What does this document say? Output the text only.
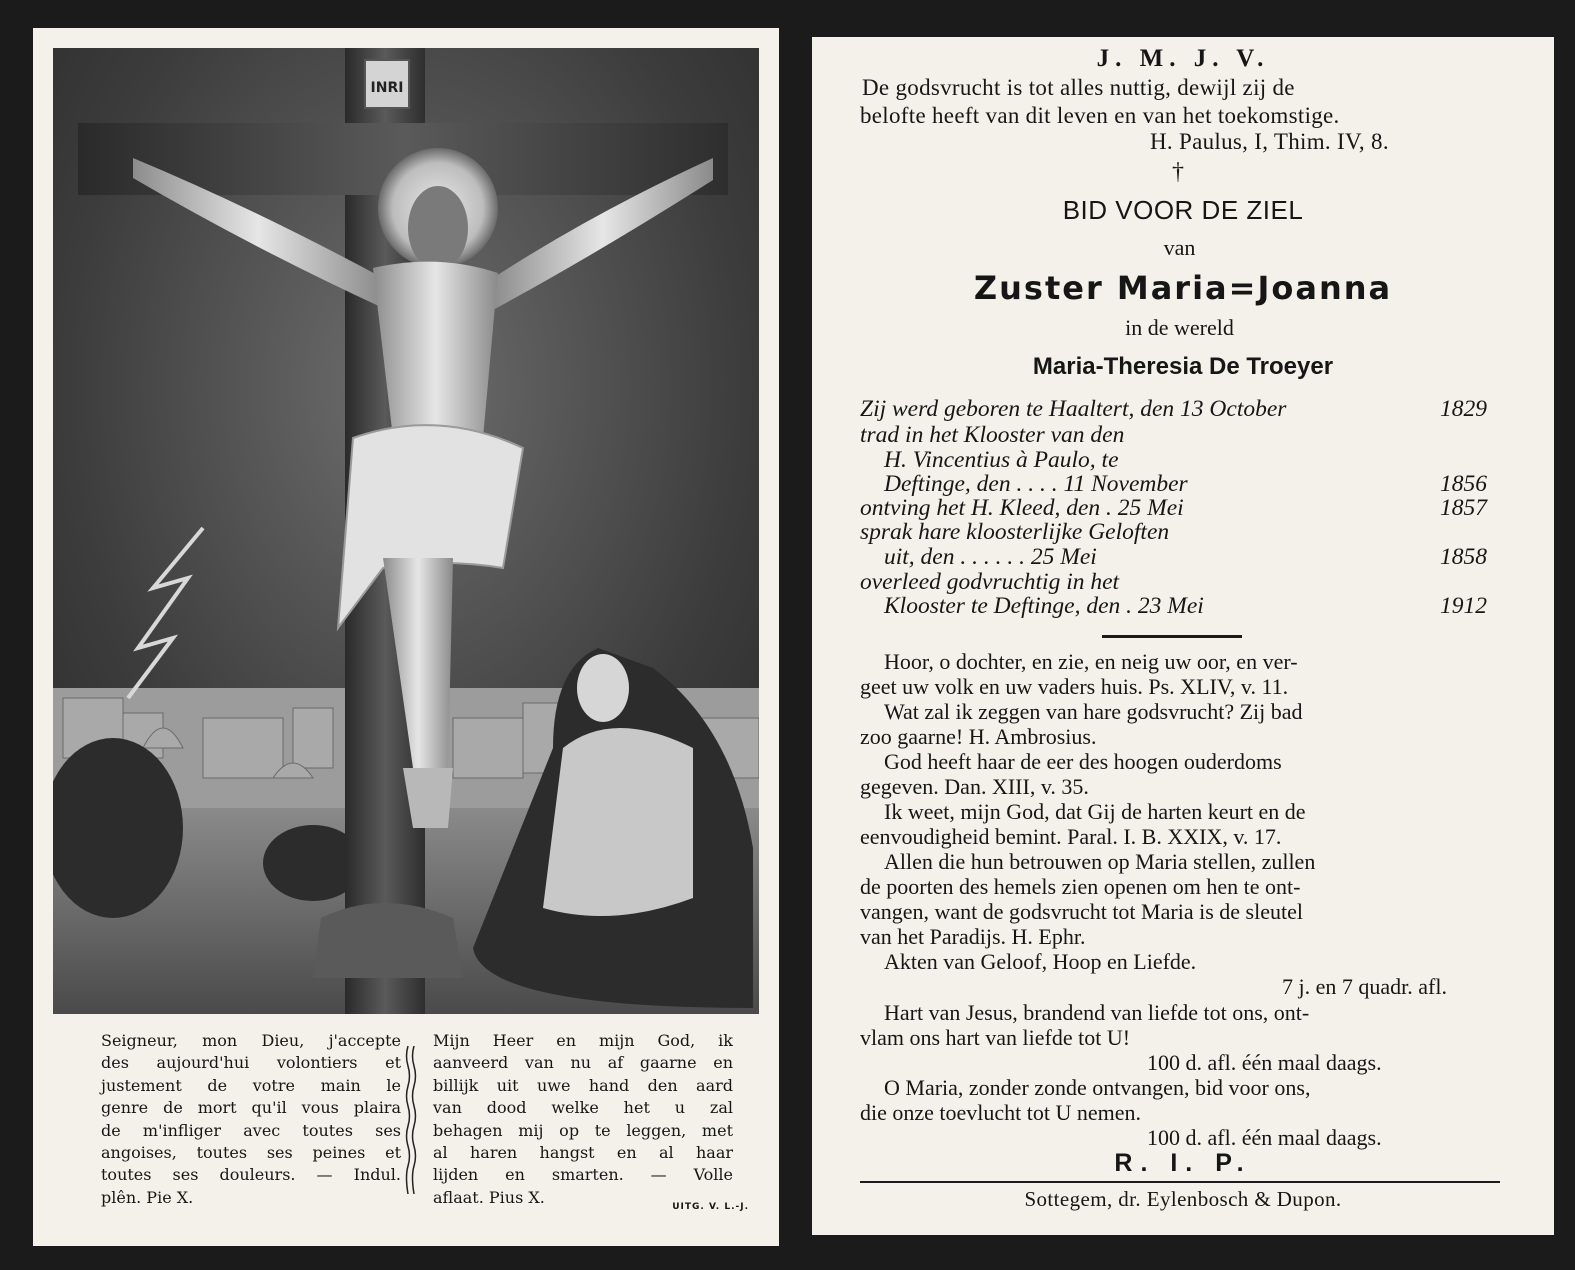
INRI
Seigneur, mon Dieu, j'accepte
des aujourd'hui volontiers et
justement de votre main le
genre de mort qu'il vous plaira
de m'infliger avec toutes ses
angoises, toutes ses peines et
toutes ses douleurs. — Indul.
plên. Pie X.
Mijn Heer en mijn God, ik
aanveerd van nu af gaarne en
billijk uit uwe hand den aard
van dood welke het u zal
behagen mij op te leggen, met
al haren hangst en al haar
lijden en smarten. — Volle
aflaat. Pius X.
UITG. V. L.-J.
J. M. J. V.
De godsvrucht is tot alles nuttig, dewijl zij de
belofte heeft van dit leven en van het toekomstige.
H. Paulus, I, Thim. IV, 8.
†
BID VOOR DE ZIEL
van
Zuster Maria=Joanna
in de wereld
Maria-Theresia De Troeyer
Zij werd geboren te Haaltert, den 13 October	1829
trad in het Klooster van den
H. Vincentius à Paulo, te
Deftinge, den . . . . 11 November	1856
ontving het H. Kleed, den . 25 Mei	1857
sprak hare kloosterlijke Geloften
uit, den . . . . . . 25 Mei	1858
overleed godvruchtig in het
Klooster te Deftinge, den . 23 Mei	1912
Hoor, o dochter, en zie, en neig uw oor, en ver-
geet uw volk en uw vaders huis. Ps. XLIV, v. 11.
Wat zal ik zeggen van hare godsvrucht? Zij bad
zoo gaarne! H. Ambrosius.
God heeft haar de eer des hoogen ouderdoms
gegeven. Dan. XIII, v. 35.
Ik weet, mijn God, dat Gij de harten keurt en de
eenvoudigheid bemint. Paral. I. B. XXIX, v. 17.
Allen die hun betrouwen op Maria stellen, zullen
de poorten des hemels zien openen om hen te ont-
vangen, want de godsvrucht tot Maria is de sleutel
van het Paradijs. H. Ephr.
Akten van Geloof, Hoop en Liefde.
7 j. en 7 quadr. afl.
Hart van Jesus, brandend van liefde tot ons, ont-
vlam ons hart van liefde tot U!
100 d. afl. één maal daags.
O Maria, zonder zonde ontvangen, bid voor ons,
die onze toevlucht tot U nemen.
100 d. afl. één maal daags.
R. I. P.
Sottegem, dr. Eylenbosch & Dupon.
